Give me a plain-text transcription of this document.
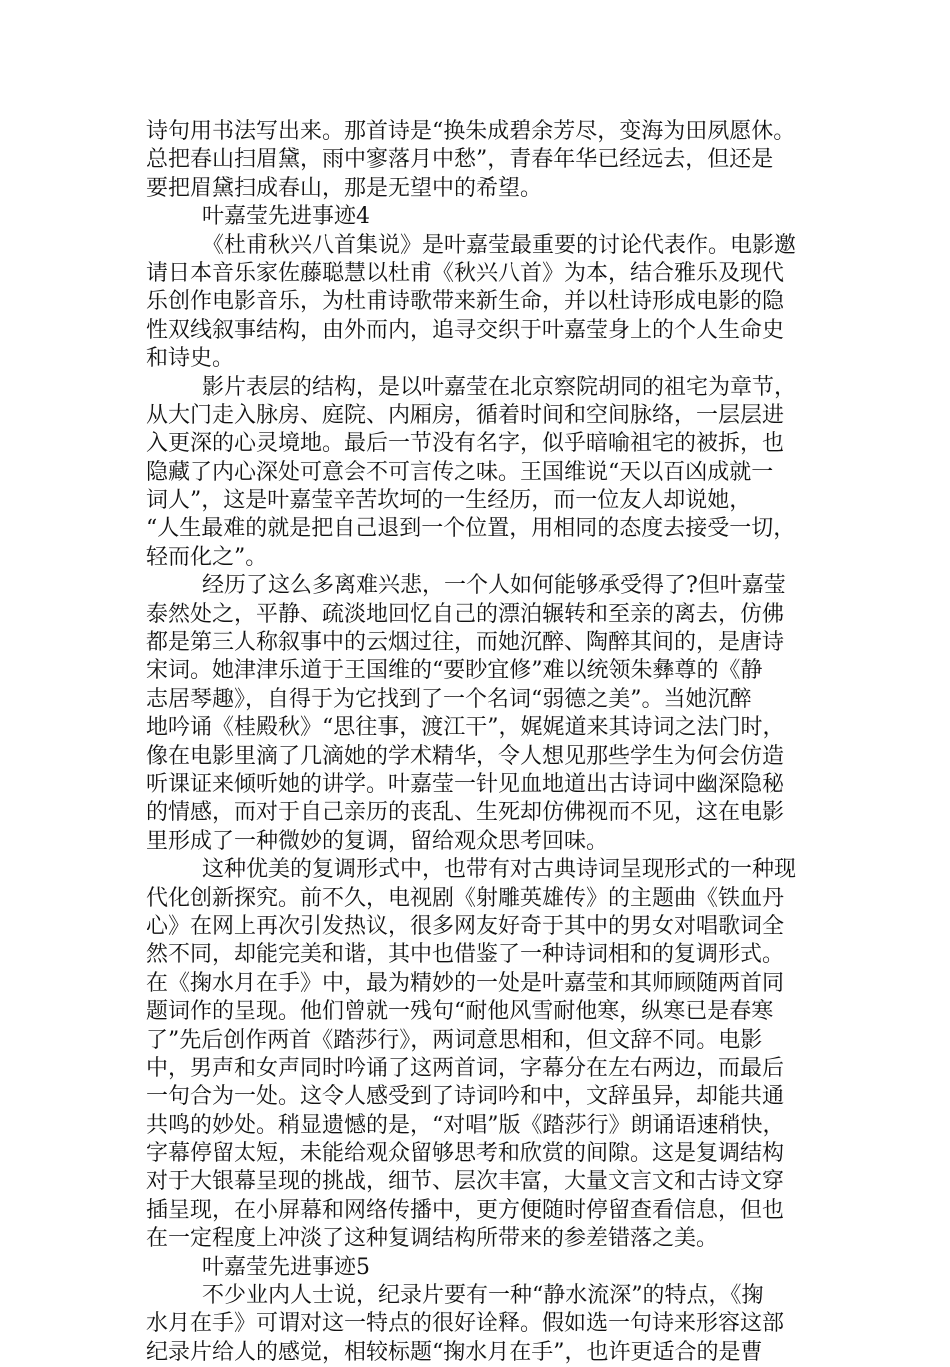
诗句用书法写出来。那首诗是“换朱成碧余芳尽，变海为田夙愿休。
总把春山扫眉黛，雨中寥落月中愁”，青春年华已经远去，但还是
要把眉黛扫成春山，那是无望中的希望。
叶嘉莹先进事迹4
《杜甫秋兴八首集说》是叶嘉莹最重要的讨论代表作。电影邀
请日本音乐家佐藤聪慧以杜甫《秋兴八首》为本，结合雅乐及现代
乐创作电影音乐，为杜甫诗歌带来新生命，并以杜诗形成电影的隐
性双线叙事结构，由外而内，追寻交织于叶嘉莹身上的个人生命史
和诗史。
影片表层的结构，是以叶嘉莹在北京察院胡同的祖宅为章节，
从大门走入脉房、庭院、内厢房，循着时间和空间脉络，一层层进
入更深的心灵境地。最后一节没有名字，似乎暗喻祖宅的被拆，也
隐藏了内心深处可意会不可言传之味。王国维说“天以百凶成就一
词人”，这是叶嘉莹辛苦坎坷的一生经历，而一位友人却说她，
“人生最难的就是把自己退到一个位置，用相同的态度去接受一切，
轻而化之”。
经历了这么多离难兴悲，一个人如何能够承受得了?但叶嘉莹
泰然处之，平静、疏淡地回忆自己的漂泊辗转和至亲的离去，仿佛
都是第三人称叙事中的云烟过往，而她沉醉、陶醉其间的，是唐诗
宋词。她津津乐道于王国维的“要眇宜修”难以统领朱彝尊的《静
志居琴趣》，自得于为它找到了一个名词“弱德之美”。当她沉醉
地吟诵《桂殿秋》“思往事，渡江干”，娓娓道来其诗词之法门时，
像在电影里滴了几滴她的学术精华，令人想见那些学生为何会仿造
听课证来倾听她的讲学。叶嘉莹一针见血地道出古诗词中幽深隐秘
的情感，而对于自己亲历的丧乱、生死却仿佛视而不见，这在电影
里形成了一种微妙的复调，留给观众思考回味。
这种优美的复调形式中，也带有对古典诗词呈现形式的一种现
代化创新探究。前不久，电视剧《射雕英雄传》的主题曲《铁血丹
心》在网上再次引发热议，很多网友好奇于其中的男女对唱歌词全
然不同，却能完美和谐，其中也借鉴了一种诗词相和的复调形式。
在《掬水月在手》中，最为精妙的一处是叶嘉莹和其师顾随两首同
题词作的呈现。他们曾就一残句“耐他风雪耐他寒，纵寒已是春寒
了”先后创作两首《踏莎行》，两词意思相和，但文辞不同。电影
中，男声和女声同时吟诵了这两首词，字幕分在左右两边，而最后
一句合为一处。这令人感受到了诗词吟和中，文辞虽异，却能共通
共鸣的妙处。稍显遗憾的是，“对唱”版《踏莎行》朗诵语速稍快，
字幕停留太短，未能给观众留够思考和欣赏的间隙。这是复调结构
对于大银幕呈现的挑战，细节、层次丰富，大量文言文和古诗文穿
插呈现，在小屏幕和网络传播中，更方便随时停留查看信息，但也
在一定程度上冲淡了这种复调结构所带来的参差错落之美。
叶嘉莹先进事迹5
不少业内人士说，纪录片要有一种“静水流深”的特点，《掬
水月在手》可谓对这一特点的很好诠释。假如选一句诗来形容这部
纪录片给人的感觉，相较标题“掬水月在手”，也许更适合的是曹
